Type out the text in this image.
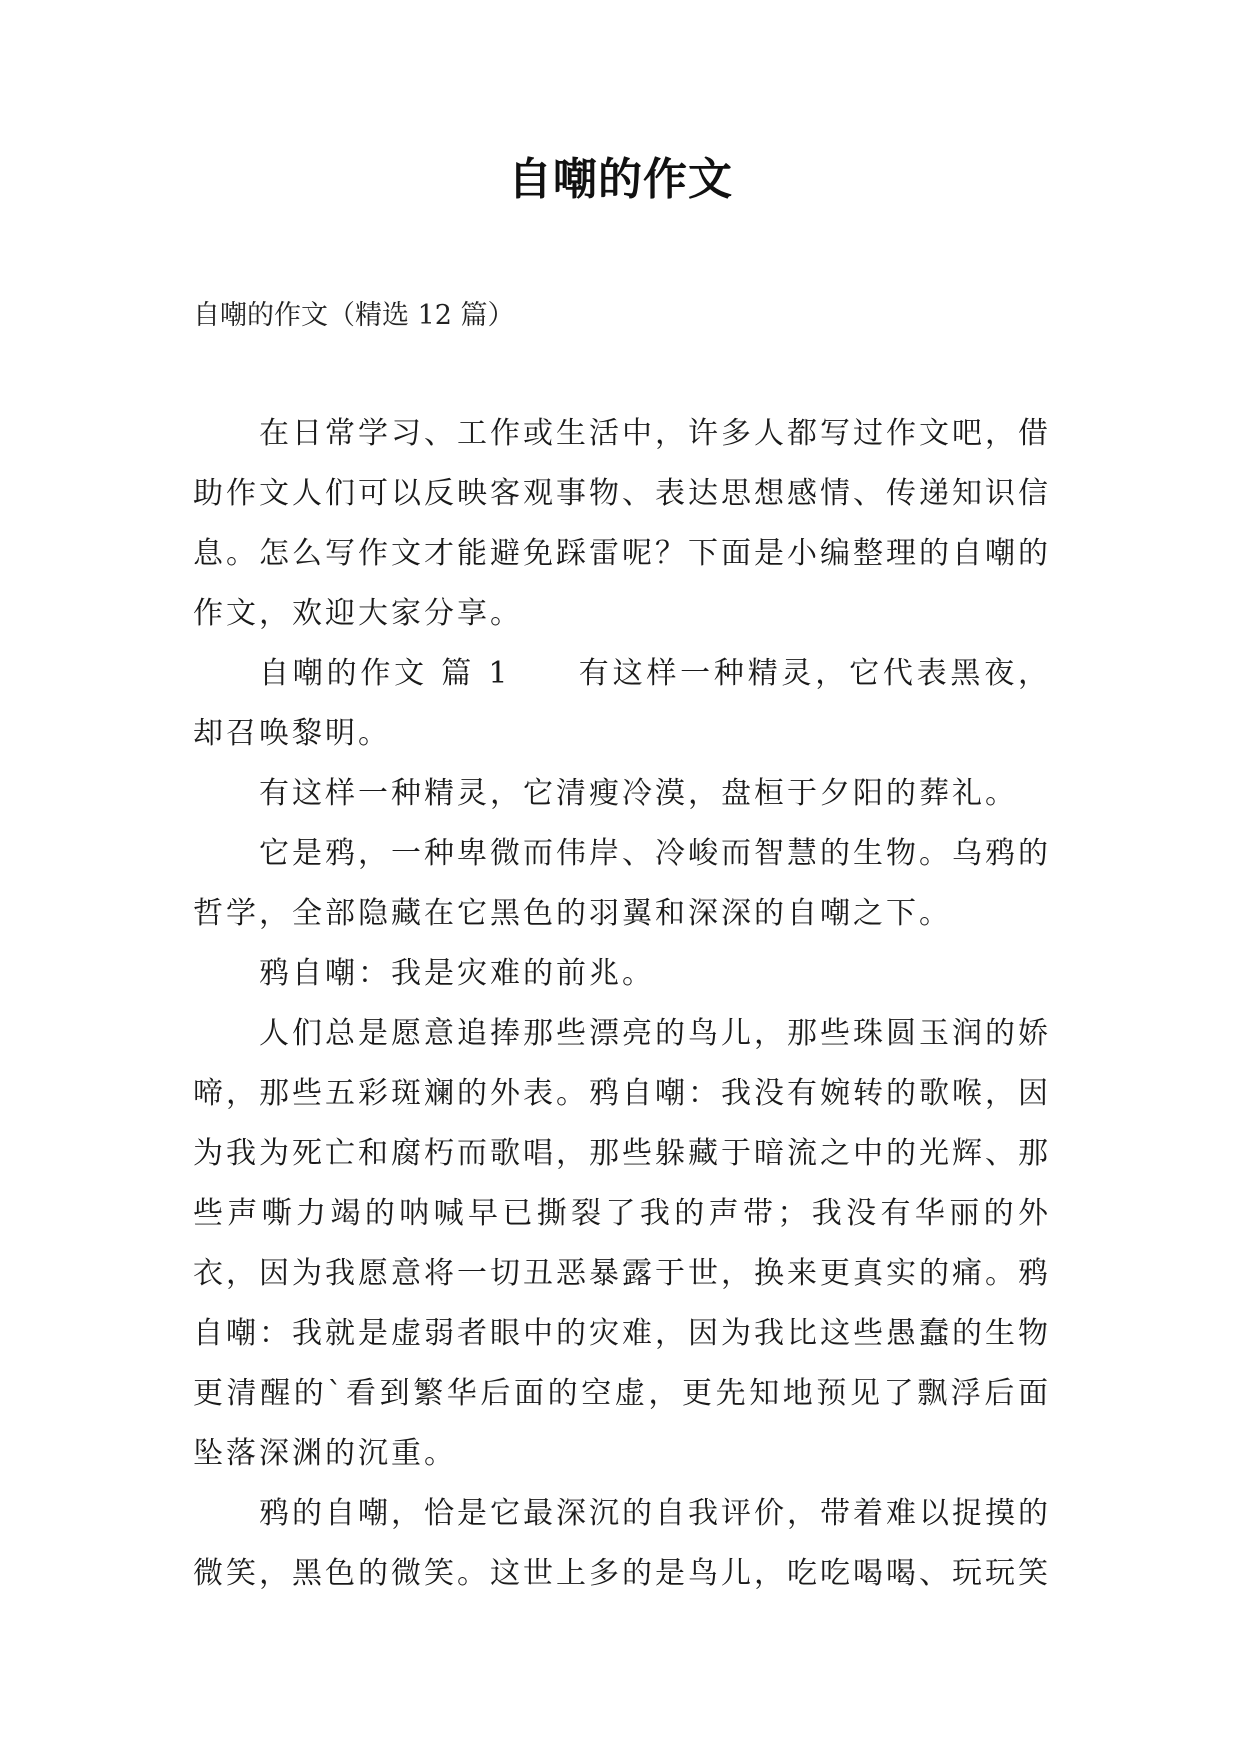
自嘲的作文
自嘲的作文（精选 12 篇）

在日常学习、工作或生活中，许多人都写过作文吧，借助作文人们可以反映客观事物、表达思想感情、传递知识信息。怎么写作文才能避免踩雷呢？下面是小编整理的自嘲的作文，欢迎大家分享。

自嘲的作文 篇 1　　有这样一种精灵，它代表黑夜，却召唤黎明。

有这样一种精灵，它清瘦冷漠，盘桓于夕阳的葬礼。

它是鸦，一种卑微而伟岸、冷峻而智慧的生物。乌鸦的哲学，全部隐藏在它黑色的羽翼和深深的自嘲之下。

鸦自嘲：我是灾难的前兆。

人们总是愿意追捧那些漂亮的鸟儿，那些珠圆玉润的娇啼，那些五彩斑斓的外表。鸦自嘲：我没有婉转的歌喉，因为我为死亡和腐朽而歌唱，那些躲藏于暗流之中的光辉、那些声嘶力竭的呐喊早已撕裂了我的声带；我没有华丽的外衣，因为我愿意将一切丑恶暴露于世，换来更真实的痛。鸦自嘲：我就是虚弱者眼中的灾难，因为我比这些愚蠢的生物更清醒的`看到繁华后面的空虚，更先知地预见了飘浮后面坠落深渊的沉重。

鸦的自嘲，恰是它最深沉的自我评价，带着难以捉摸的微笑，黑色的微笑。这世上多的是鸟儿，吃吃喝喝、玩玩笑
